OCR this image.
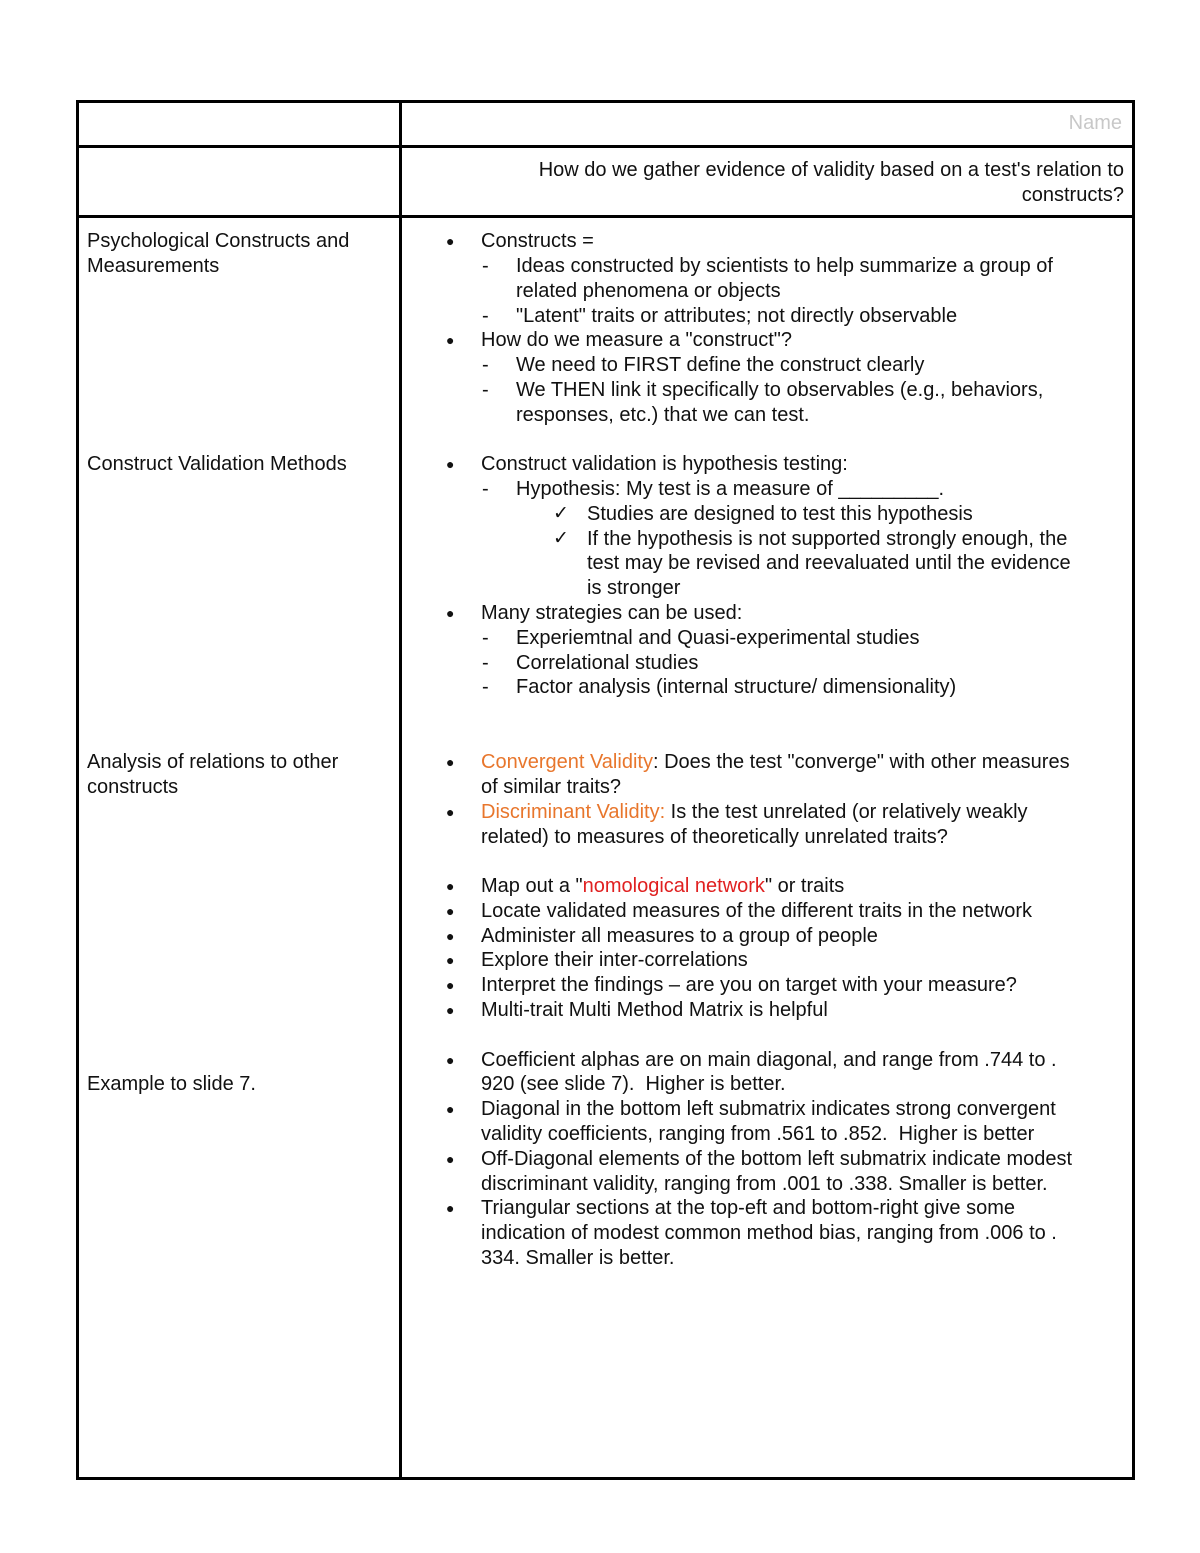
Name
How do we gather evidence of validity based on a test's relation to
constructs?
Psychological Constructs and
Measurements
Construct Validation Methods
Analysis of relations to other
constructs
Example to slide 7.
● Constructs =
- Ideas constructed by scientists to help summarize a group of
related phenomena or objects
- "Latent" traits or attributes; not directly observable
● How do we measure a "construct"?
- We need to FIRST define the construct clearly
- We THEN link it specifically to observables (e.g., behaviors,
responses, etc.) that we can test.
● Construct validation is hypothesis testing:
- Hypothesis: My test is a measure of _________.
✓ Studies are designed to test this hypothesis
✓ If the hypothesis is not supported strongly enough, the
test may be revised and reevaluated until the evidence
is stronger
● Many strategies can be used:
- Experiemtnal and Quasi-experimental studies
- Correlational studies
- Factor analysis (internal structure/ dimensionality)
● Convergent Validity: Does the test "converge" with other measures
of similar traits?
● Discriminant Validity: Is the test unrelated (or relatively weakly
related) to measures of theoretically unrelated traits?
● Map out a "nomological network" or traits
● Locate validated measures of the different traits in the network
● Administer all measures to a group of people
● Explore their inter-correlations
● Interpret the findings – are you on target with your measure?
● Multi-trait Multi Method Matrix is helpful
● Coefficient alphas are on main diagonal, and range from .744 to .
920 (see slide 7).  Higher is better.
● Diagonal in the bottom left submatrix indicates strong convergent
validity coefficients, ranging from .561 to .852.  Higher is better
● Off-Diagonal elements of the bottom left submatrix indicate modest
discriminant validity, ranging from .001 to .338. Smaller is better.
● Triangular sections at the top-eft and bottom-right give some
indication of modest common method bias, ranging from .006 to .
334. Smaller is better.
